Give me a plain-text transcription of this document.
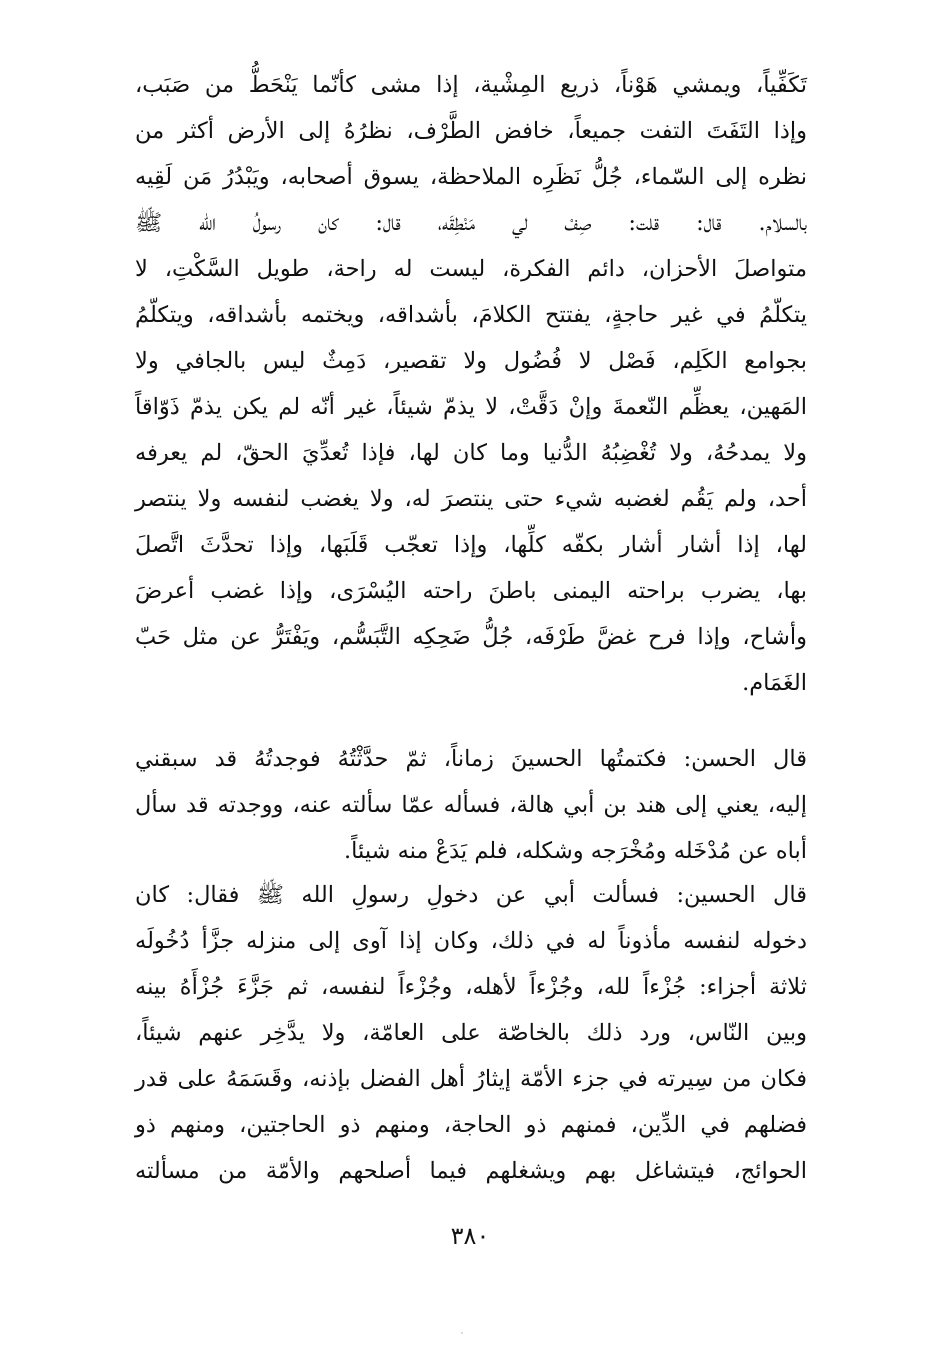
تَكَفِّياً، ويمشي هَوْناً، ذريع المِشْية، إذا مشى كأنّما يَنْحَطُّ من صَبَب،
وإذا التَفَتَ التفت جميعاً، خافض الطَّرْف، نظرُهُ إلى الأرض أكثر من
نظره إلى السّماء، جُلُّ نَظَرِه الملاحظة، يسوق أصحابه، ويَبْدُرُ مَن لَقِيه
بالسلام. قال: قلت: صِفْ لي مَنْطِقَه، قال: كان رسولُ الله ﷺ
متواصلَ الأحزان، دائم الفكرة، ليست له راحة، طويل السَّكْتِ، لا
يتكلّمُ في غير حاجةٍ، يفتتح الكلامَ، بأشداقه، ويختمه بأشداقه، ويتكلّمُ
بجوامع الكَلِم، فَصْل لا فُضُول ولا تقصير، دَمِثٌ ليس بالجافي ولا
المَهين، يعظِّم النّعمةَ وإنْ دَقَّتْ، لا يذمّ شيئاً، غير أنّه لم يكن يذمّ ذَوّاقاً
ولا يمدحُهُ، ولا تُغْضِبُهُ الدُّنيا وما كان لها، فإذا تُعدِّيَ الحقّ، لم يعرفه
أحد، ولم يَقُم لغضبه شيء حتى ينتصرَ له، ولا يغضب لنفسه ولا ينتصر
لها، إذا أشار أشار بكفّه كلِّها، وإذا تعجّب قَلَبَها، وإذا تحدَّثَ اتَّصلَ
بها، يضرب براحته اليمنى باطنَ راحته اليُسْرَى، وإذا غضب أعرضَ
وأشاح، وإذا فرح غضَّ طَرْفَه، جُلُّ ضَحِكِه التَّبَسُّم، ويَفْتَرُّ عن مثل حَبّ
الغَمَام.
قال الحسن: فكتمتُها الحسينَ زماناً، ثمّ حدَّثْتُهُ فوجدتُهُ قد سبقني
إليه، يعني إلى هند بن أبي هالة، فسأله عمّا سألته عنه، ووجدته قد سأل
أباه عن مُدْخَله ومُخْرَجه وشكله، فلم يَدَعْ منه شيئاً.
قال الحسين: فسألت أبي عن دخولِ رسولِ الله ﷺ فقال: كان
دخوله لنفسه مأذوناً له في ذلك، وكان إذا آوى إلى منزله جزَّأ دُخُولَه
ثلاثة أجزاء: جُزْءاً لله، وجُزْءاً لأهله، وجُزْءاً لنفسه، ثم جَزَّءَ جُزْأَهُ بينه
وبين النّاس، ورد ذلك بالخاصّة على العامّة، ولا يدَّخِر عنهم شيئاً،
فكان من سِيرته في جزء الأمّة إيثارُ أهل الفضل بإذنه، وقَسَمَهُ على قدر
فضلهم في الدِّين، فمنهم ذو الحاجة، ومنهم ذو الحاجتين، ومنهم ذو
الحوائج، فيتشاغل بهم ويشغلهم فيما أصلحهم والأمّة من مسألته
٣٨٠
